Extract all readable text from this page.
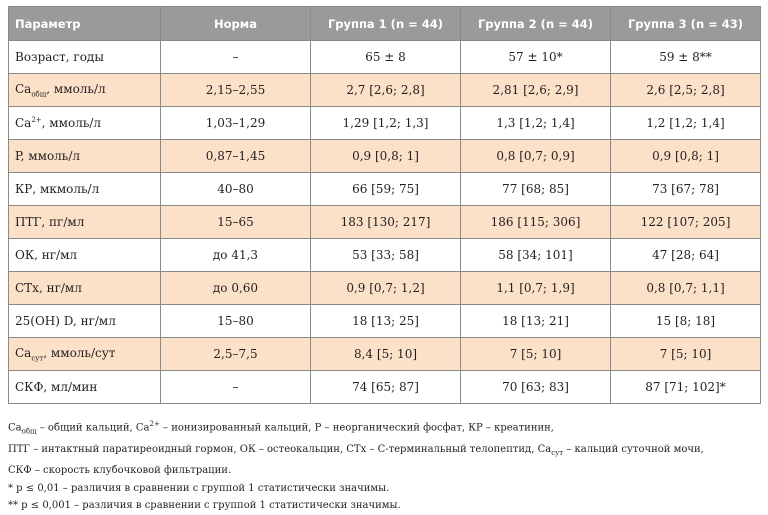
Параметр	Норма	Группа 1 (n = 44)	Группа 2 (n = 44)	Группа 3 (n = 43)
Возраст, годы	–	65 ± 8	57 ± 10*	59 ± 8**
$Ca_{общ}$, ммоль/л	2,15–2,55	2,7 [2,6; 2,8]	2,81 [2,6; 2,9]	2,6 [2,5; 2,8]
$Ca^{2+}$, ммоль/л	1,03–1,29	1,29 [1,2; 1,3]	1,3 [1,2; 1,4]	1,2 [1,2; 1,4]
P, ммоль/л	0,87–1,45	0,9 [0,8; 1]	0,8 [0,7; 0,9]	0,9 [0,8; 1]
КР, мкмоль/л	40–80	66 [59; 75]	77 [68; 85]	73 [67; 78]
ПТГ, пг/мл	15–65	183 [130; 217]	186 [115; 306]	122 [107; 205]
ОК, нг/мл	до 41,3	53 [33; 58]	58 [34; 101]	47 [28; 64]
СТх, нг/мл	до 0,60	0,9 [0,7; 1,2]	1,1 [0,7; 1,9]	0,8 [0,7; 1,1]
25(OH) D, нг/мл	15–80	18 [13; 25]	18 [13; 21]	15 [8; 18]
$Ca_{сут}$, ммоль/сут	2,5–7,5	8,4 [5; 10]	7 [5; 10]	7 [5; 10]
СКФ, мл/мин	–	74 [65; 87]	70 [63; 83]	87 [71; 102]*

$Ca_{общ}$ – общий кальций, $Ca^{2+}$ – ионизированный кальций, P – неорганический фосфат, КР – креатинин,

ПТГ – интактный паратиреоидный гормон, ОК – остеокальцин, СТх – С-терминальный телопептид, $Ca_{сут}$ – кальций суточной мочи,

СКФ – скорость клубочковой фильтрации.

* p ≤ 0,01 – различия в сравнении с группой 1 статистически значимы.

** p ≤ 0,001 – различия в сравнении с группой 1 статистически значимы.
